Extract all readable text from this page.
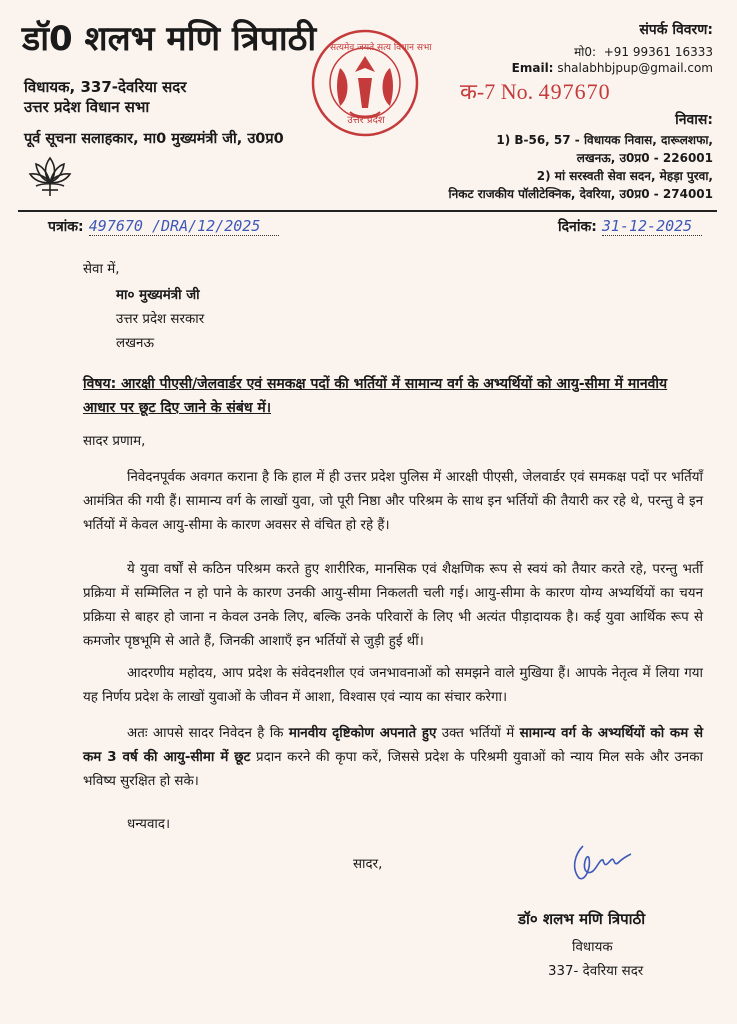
डॉ0 शलभ मणि त्रिपाठी
विधायक, 337-देवरिया सदर
उत्तर प्रदेश विधान सभा
पूर्व सूचना सलाहकार, मा0 मुख्यमंत्री जी, उ0प्र0
सत्यमेव जयते सत्य विधान सभा
उत्तर प्रदेश
क-7 No. 497670
संपर्क विवरण:
मो0: +91 99361 16333
Email: shalabhbjpup@gmail.com
निवास:
1) B-56, 57 - विधायक निवास, दारूलशफा,
लखनऊ, उ0प्र0 - 226001
2) मां सरस्वती सेवा सदन, मेहड़ा पुरवा,
निकट राजकीय पॉलीटेक्निक, देवरिया, उ0प्र0 - 274001
पत्रांक: 497670 /DRA/12/2025	दिनांक: 31-12-2025
सेवा में,
मा० मुख्यमंत्री जी
उत्तर प्रदेश सरकार
लखनऊ
विषय: आरक्षी पीएसी/जेलवार्डर एवं समकक्ष पदों की भर्तियों में सामान्य वर्ग के अभ्यर्थियों को आयु-सीमा में मानवीय आधार पर छूट दिए जाने के संबंध में।
सादर प्रणाम,

निवेदनपूर्वक अवगत कराना है कि हाल में ही उत्तर प्रदेश पुलिस में आरक्षी पीएसी, जेलवार्डर एवं समकक्ष पदों पर भर्तियाँ आमंत्रित की गयी हैं। सामान्य वर्ग के लाखों युवा, जो पूरी निष्ठा और परिश्रम के साथ इन भर्तियों की तैयारी कर रहे थे, परन्तु वे इन भर्तियों में केवल आयु-सीमा के कारण अवसर से वंचित हो रहे हैं।

ये युवा वर्षों से कठिन परिश्रम करते हुए शारीरिक, मानसिक एवं शैक्षणिक रूप से स्वयं को तैयार करते रहे, परन्तु भर्ती प्रक्रिया में सम्मिलित न हो पाने के कारण उनकी आयु-सीमा निकलती चली गई। आयु-सीमा के कारण योग्य अभ्यर्थियों का चयन प्रक्रिया से बाहर हो जाना न केवल उनके लिए, बल्कि उनके परिवारों के लिए भी अत्यंत पीड़ादायक है। कई युवा आर्थिक रूप से कमजोर पृष्ठभूमि से आते हैं, जिनकी आशाएँ इन भर्तियों से जुड़ी हुई थीं।

आदरणीय महोदय, आप प्रदेश के संवेदनशील एवं जनभावनाओं को समझने वाले मुखिया हैं। आपके नेतृत्व में लिया गया यह निर्णय प्रदेश के लाखों युवाओं के जीवन में आशा, विश्वास एवं न्याय का संचार करेगा।

अतः आपसे सादर निवेदन है कि मानवीय दृष्टिकोण अपनाते हुए उक्त भर्तियों में सामान्य वर्ग के अभ्यर्थियों को कम से कम 3 वर्ष की आयु-सीमा में छूट प्रदान करने की कृपा करें, जिससे प्रदेश के परिश्रमी युवाओं को न्याय मिल सके और उनका भविष्य सुरक्षित हो सके।

धन्यवाद।
सादर,
डॉ० शलभ मणि त्रिपाठी
विधायक
337- देवरिया सदर
